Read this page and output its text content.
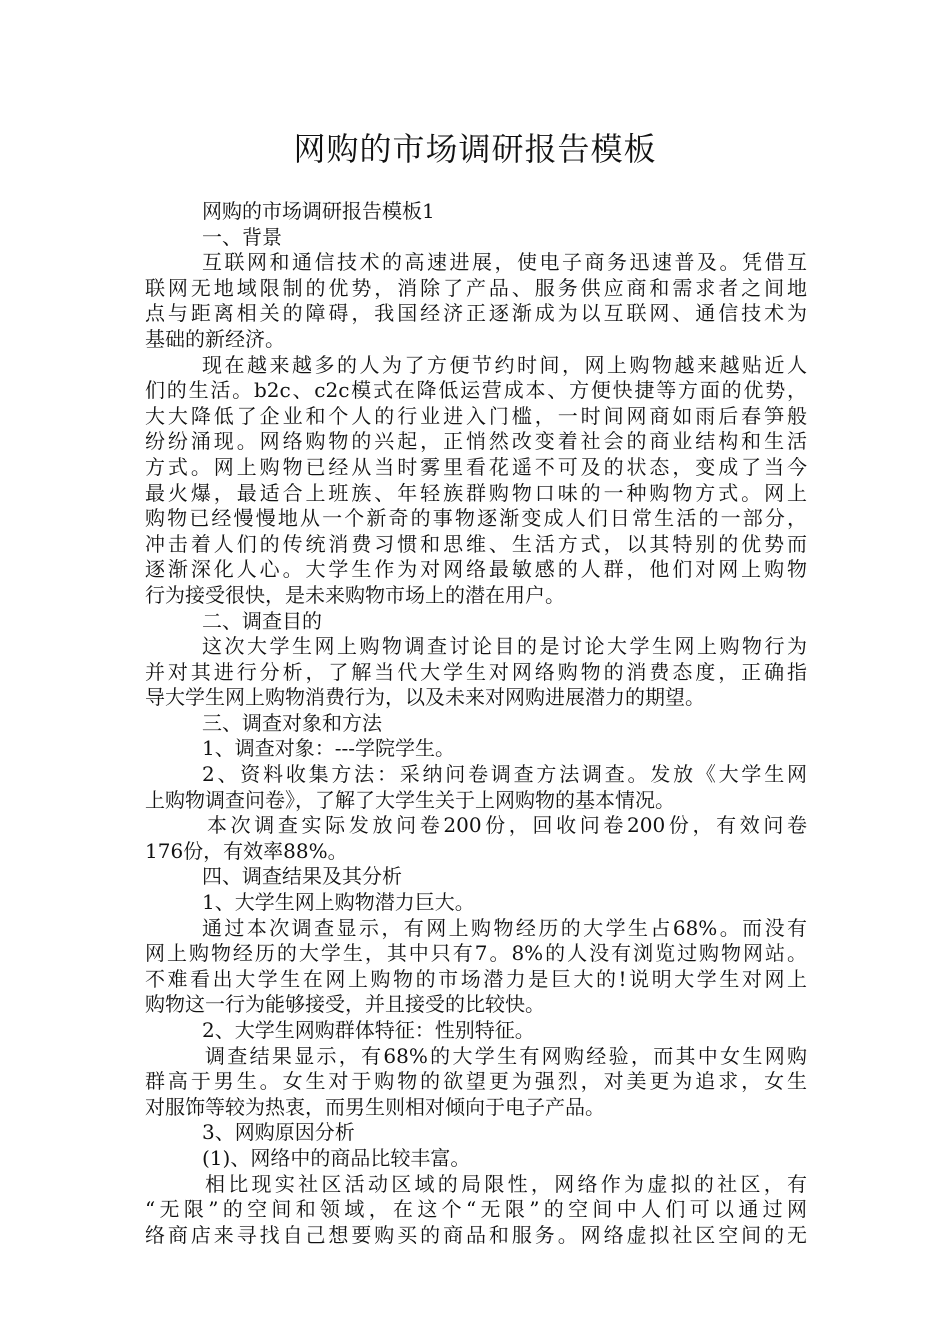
网购的市场调研报告模板
网购的市场调研报告模板1
一、背景
互联网和通信技术的高速进展，使电子商务迅速普及。凭借互
联网无地域限制的优势，消除了产品、服务供应商和需求者之间地
点与距离相关的障碍，我国经济正逐渐成为以互联网、通信技术为
基础的新经济。
现在越来越多的人为了方便节约时间，网上购物越来越贴近人
们的生活。b2c、c2c模式在降低运营成本、方便快捷等方面的优势，
大大降低了企业和个人的行业进入门槛，一时间网商如雨后春笋般
纷纷涌现。网络购物的兴起，正悄然改变着社会的商业结构和生活
方式。网上购物已经从当时雾里看花遥不可及的状态，变成了当今
最火爆，最适合上班族、年轻族群购物口味的一种购物方式。网上
购物已经慢慢地从一个新奇的事物逐渐变成人们日常生活的一部分，
冲击着人们的传统消费习惯和思维、生活方式，以其特别的优势而
逐渐深化人心。大学生作为对网络最敏感的人群，他们对网上购物
行为接受很快，是未来购物市场上的潜在用户。
二、调查目的
这次大学生网上购物调查讨论目的是讨论大学生网上购物行为
并对其进行分析，了解当代大学生对网络购物的消费态度，正确指
导大学生网上购物消费行为，以及未来对网购进展潜力的期望。
三、调查对象和方法
1、调查对象：---学院学生。
2、资料收集方法：采纳问卷调查方法调查。发放《大学生网
上购物调查问卷》，了解了大学生关于上网购物的基本情况。
本次调查实际发放问卷200份，回收问卷200份，有效问卷
176份，有效率88%。
四、调查结果及其分析
1、大学生网上购物潜力巨大。
通过本次调查显示，有网上购物经历的大学生占68%。而没有
网上购物经历的大学生，其中只有7。8%的人没有浏览过购物网站。
不难看出大学生在网上购物的市场潜力是巨大的!说明大学生对网上
购物这一行为能够接受，并且接受的比较快。
2、大学生网购群体特征：性别特征。
调查结果显示，有68%的大学生有网购经验，而其中女生网购
群高于男生。女生对于购物的欲望更为强烈，对美更为追求，女生
对服饰等较为热衷，而男生则相对倾向于电子产品。
3、网购原因分析
(1)、网络中的商品比较丰富。
相比现实社区活动区域的局限性，网络作为虚拟的社区，有
“无限”的空间和领域，在这个“无限”的空间中人们可以通过网
络商店来寻找自己想要购买的商品和服务。网络虚拟社区空间的无
